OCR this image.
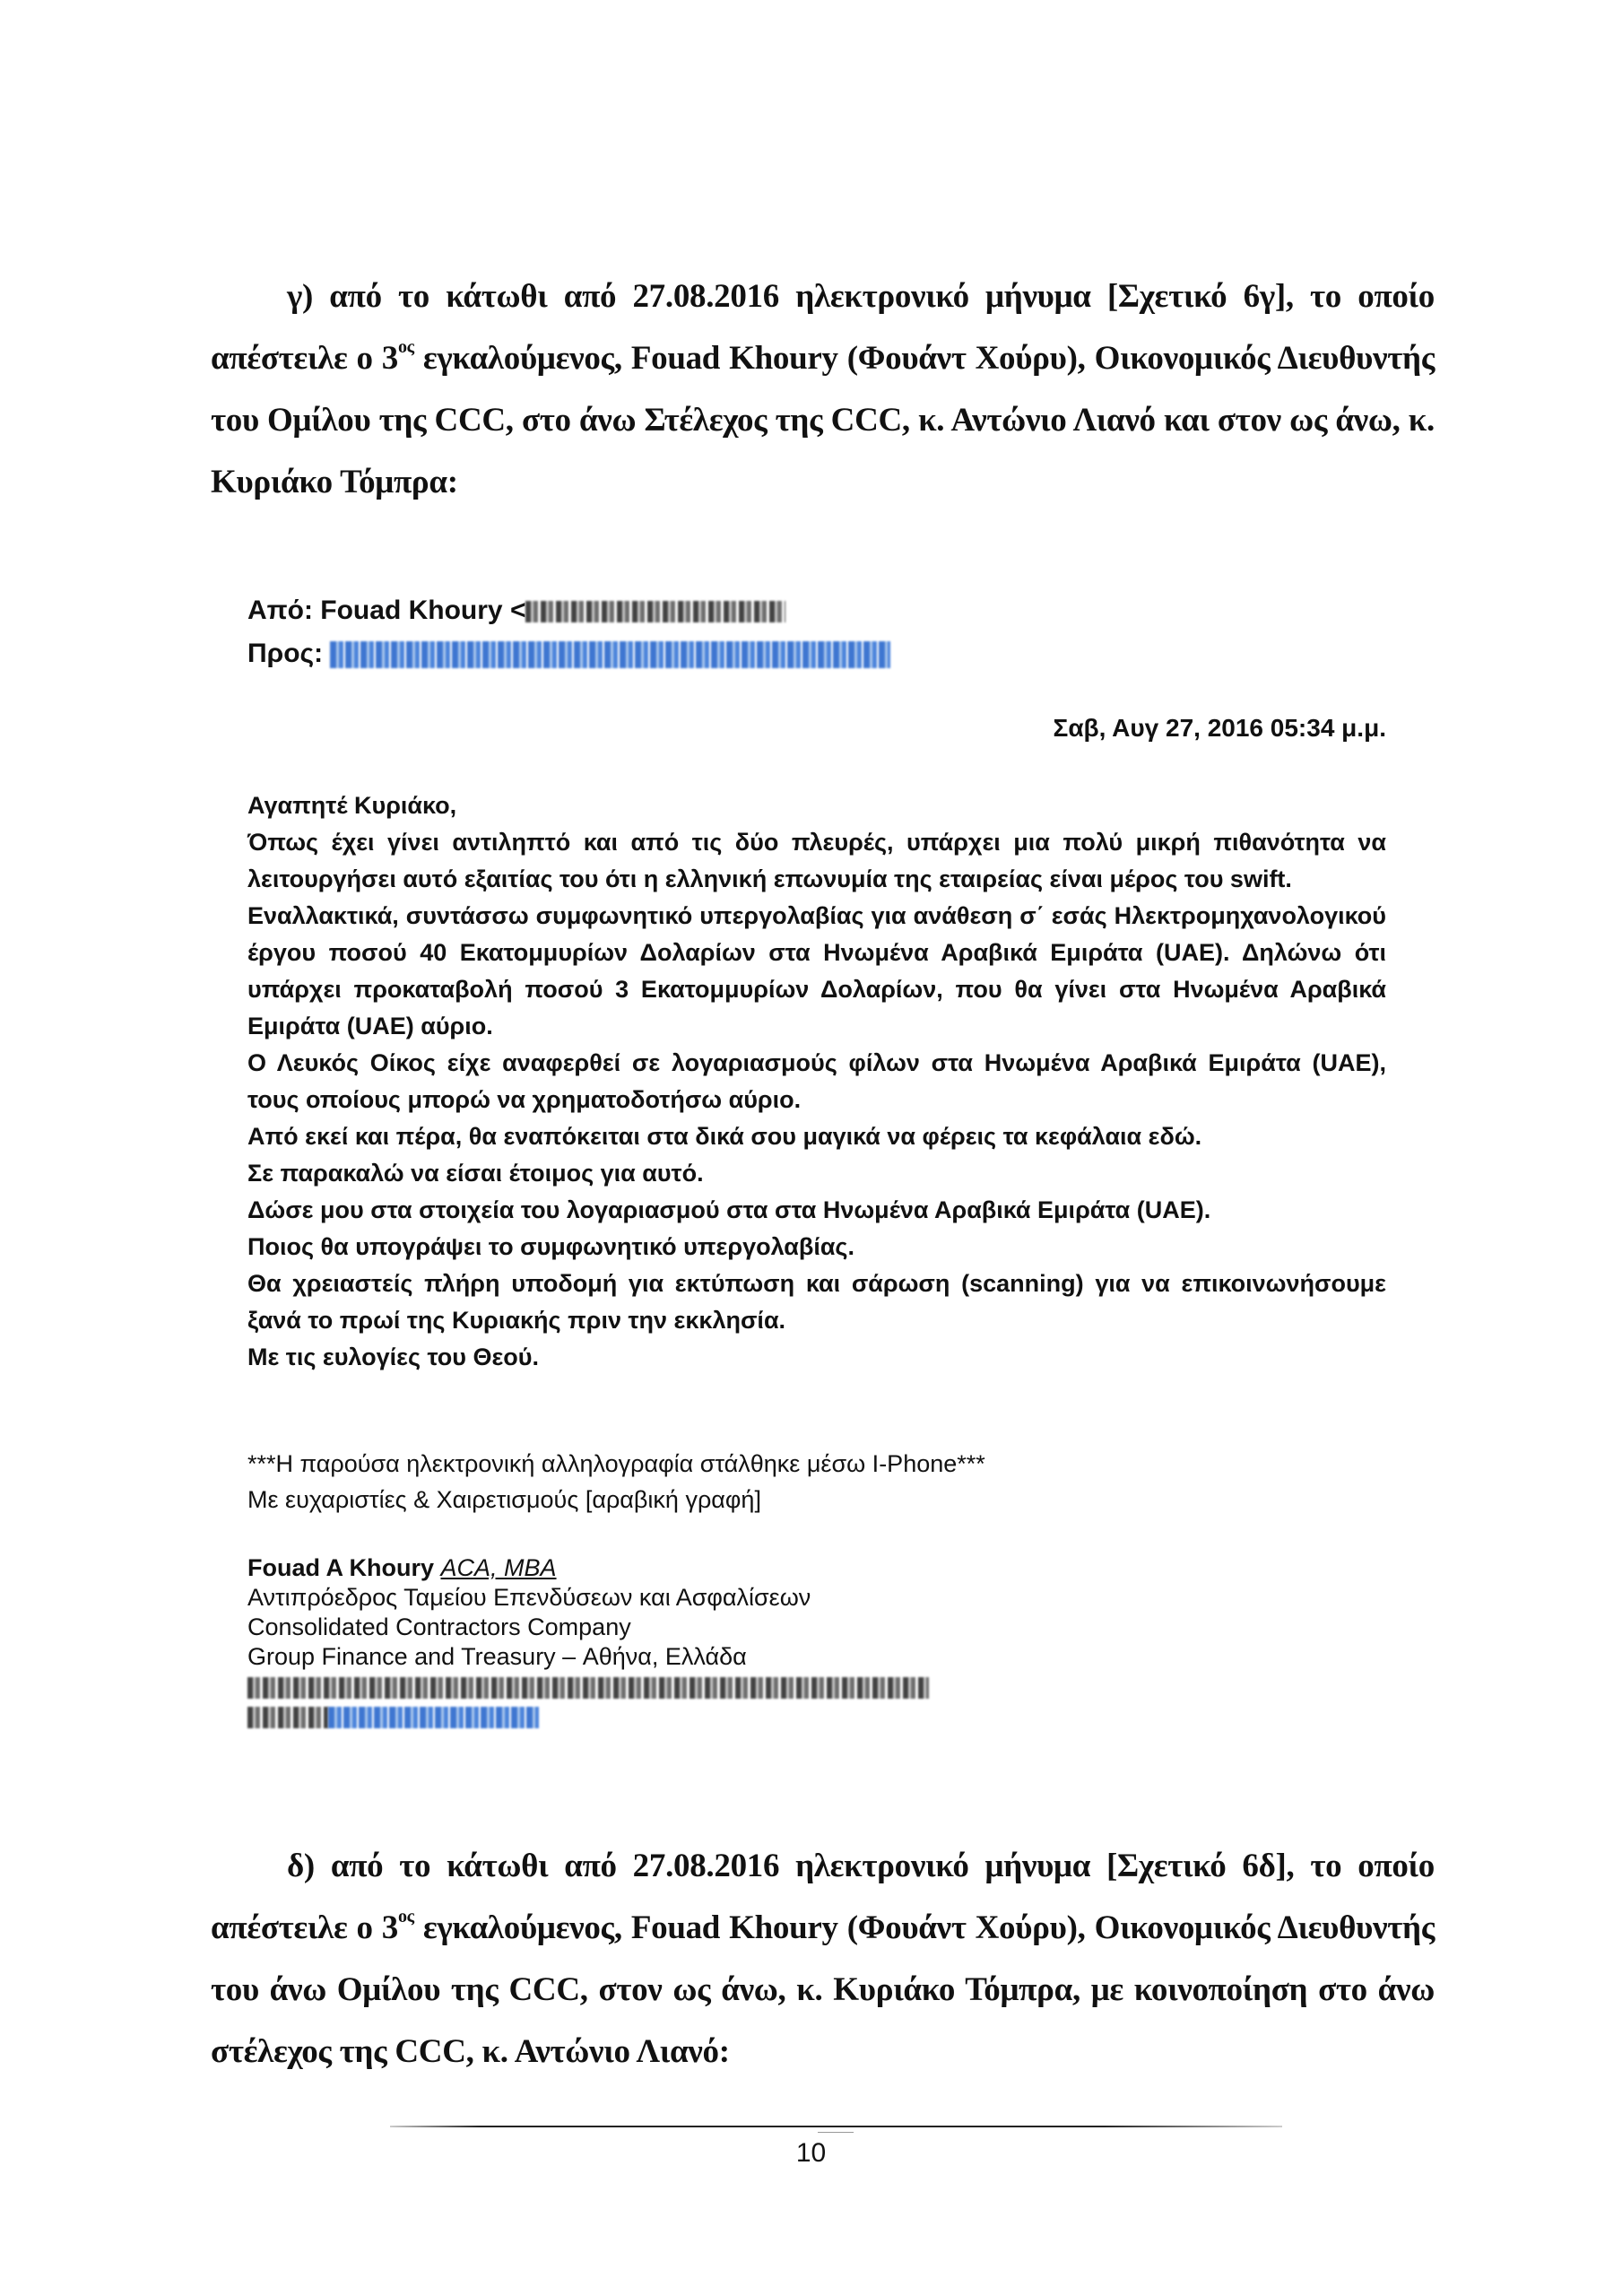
γ) από το κάτωθι από 27.08.2016 ηλεκτρονικό μήνυμα [Σχετικό 6γ], το οποίο απέστειλε ο $3^{o\varsigma}$ εγκαλούμενος, Fouad Khoury (Φουάντ Χούρυ), Οικονομικός Διευθυντής του Ομίλου της CCC, στο άνω Στέλεχος της CCC, κ. Αντώνιο Λιανό και στον ως άνω, κ. Κυριάκο Τόμπρα:
Από: Fouad Khoury <
Προς:
Σαβ, Αυγ 27, 2016 05:34 μ.μ.

Αγαπητέ Κυριάκο,

Όπως έχει γίνει αντιληπτό και από τις δύο πλευρές, υπάρχει μια πολύ μικρή πιθανότητα να λειτουργήσει αυτό εξαιτίας του ότι η ελληνική επωνυμία της εταιρείας είναι μέρος του swift.

Εναλλακτικά, συντάσσω συμφωνητικό υπεργολαβίας για ανάθεση σ΄ εσάς Ηλεκτρομηχανολογικού έργου ποσού 40 Εκατομμυρίων Δολαρίων στα Ηνωμένα Αραβικά Εμιράτα (UAE). Δηλώνω ότι υπάρχει προκαταβολή ποσού 3 Εκατομμυρίων Δολαρίων, που θα γίνει στα Ηνωμένα Αραβικά Εμιράτα (UAE) αύριο.

Ο Λευκός Οίκος είχε αναφερθεί σε λογαριασμούς φίλων στα Ηνωμένα Αραβικά Εμιράτα (UAE), τους οποίους μπορώ να χρηματοδοτήσω αύριο.

Από εκεί και πέρα, θα εναπόκειται στα δικά σου μαγικά να φέρεις τα κεφάλαια εδώ.

Σε παρακαλώ να είσαι έτοιμος για αυτό.

Δώσε μου στα στοιχεία του λογαριασμού στα στα Ηνωμένα Αραβικά Εμιράτα (UAE).

Ποιος θα υπογράψει το συμφωνητικό υπεργολαβίας.

Θα χρειαστείς πλήρη υποδομή για εκτύπωση και σάρωση (scanning) για να επικοινωνήσουμε ξανά το πρωί της Κυριακής πριν την εκκλησία.

Με τις ευλογίες του Θεού.

***Η παρούσα ηλεκτρονική αλληλογραφία στάλθηκε μέσω I-Phone***
Με ευχαριστίες & Χαιρετισμούς [αραβική γραφή]
Fouad A Khoury ACA, MBA
Αντιπρόεδρος Ταμείου Επενδύσεων και Ασφαλίσεων
Consolidated Contractors Company
Group Finance and Treasury – Αθήνα, Ελλάδα
δ) από το κάτωθι από 27.08.2016 ηλεκτρονικό μήνυμα [Σχετικό 6δ], το οποίο απέστειλε ο $3^{o\varsigma}$ εγκαλούμενος, Fouad Khoury (Φουάντ Χούρυ), Οικονομικός Διευθυντής του άνω Ομίλου της CCC, στον ως άνω, κ. Κυριάκο Τόμπρα, με κοινοποίηση στο άνω στέλεχος της CCC, κ. Αντώνιο Λιανό:
10
